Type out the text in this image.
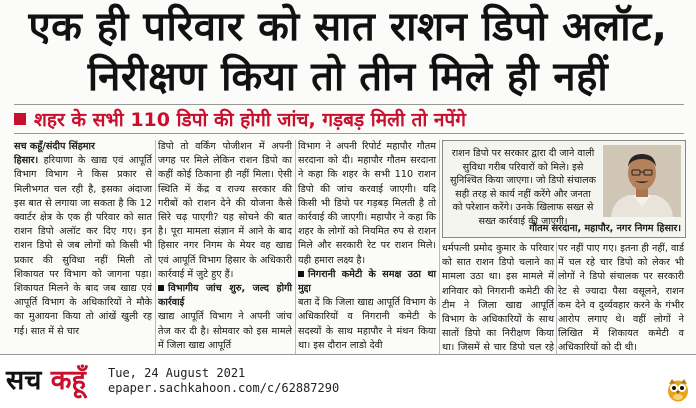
एक ही परिवार को सात राशन डिपो अलॉट,
निरीक्षण किया तो तीन मिले ही नहीं
शहर के सभी 110 डिपो की होगी जांच, गड़बड़ मिली तो नपेंगे

सच कहूँ/संदीप सिंहमार

हिसार। हरियाणा के खाद्य एवं आपूर्ति विभाग विभाग ने किस प्रकार से मिलीभगत चल रही है, इसका अंदाजा इस बात से लगाया जा सकता है कि 12 क्वार्टर क्षेत्र के एक ही परिवार को सात राशन डिपो अलॉट कर दिए गए। इन राशन डिपो से जब लोगों को किसी भी प्रकार की सुविधा नहीं मिली तो शिकायत पर विभाग को जागना पड़ा। शिकायत मिलने के बाद जब खाद्य एवं आपूर्ति विभाग के अधिकारियों ने मौके का मुआयना किया तो आंखें खुली रह गई। सात में से चार

डिपो तो वर्किंग पोजीशन में अपनी जगह पर मिले लेकिन राशन डिपो का कहीं कोई ठिकाना ही नहीं मिला। ऐसी स्थिति में केंद्र व राज्य सरकार की गरीबों को राशन देने की योजना कैसे सिरे चढ़ पाएगी? यह सोचने की बात है। पूरा मामला संज्ञान में आने के बाद हिसार नगर निगम के मेयर वह खाद्य एवं आपूर्ति विभाग हिसार के अधिकारी कार्रवाई में जुटे हुए हैं।

विभागीय जांच शुरु, जल्द होगी कार्रवाई

खाद्य आपूर्ति विभाग ने अपनी जांच तेज कर दी है। सोमवार को इस मामले में जिला खाद्य आपूर्ति

विभाग ने अपनी रिपोर्ट महापौर गौतम सरदाना को दी। महापौर गौतम सरदाना ने कहा कि शहर के सभी 110 राशन डिपो की जांच करवाई जाएगी। यदि किसी भी डिपो पर गड़बड़ मिलती है तो कार्रवाई की जाएगी। महापौर ने कहा कि शहर के लोगों को नियमित रुप से राशन मिले और सरकारी रेट पर राशन मिले। यही हमारा लक्ष्य है।

निगरानी कमेटी के समक्ष उठा था मुद्दा

बता दें कि जिला खाद्य आपूर्ति विभाग के अधिकारियों व निगरानी कमेटी के सदस्यों के साथ महापौर ने मंथन किया था। इस दौरान लाडो देवी

राशन डिपो पर सरकार द्वारा दी जाने वाली सुविधा गरीब परिवारों को मिले। इसे सुनिश्चित किया जाएगा। जो डिपो संचालक सही तरह से कार्य नहीं करेंगे और जनता को परेशान करेंगे। उनके खिलाफ सख्त से सख्त कार्रवाई की जाएगी।
गौतम सरदाना, महापौर, नगर निगम हिसार।

धर्मपत्नी प्रमोद कुमार के परिवार को सात राशन डिपो चलाने का मामला उठा था। इस मामले में शनिवार को निगरानी कमेटी की टीम ने जिला खाद्य आपूर्ति विभाग के अधिकारियों के साथ सातों डिपो का निरीक्षण किया था। जिसमें से चार डिपो चल रहे

पर नहीं पाए गए। इतना ही नहीं, वार्ड में चल रहे चार डिपो को लेकर भी लोगों ने डिपो संचालक पर सरकारी रेट से ज्यादा पैसा वसूलने, राशन कम देने व दुर्व्यवहार करने के गंभीर आरोप लगाए थे। वहीं लोगों ने लिखित में शिकायत कमेटी व अधिकारियों को दी थी।

सच कहूँ Tue, 24 August 2021
epaper.sachkahoon.com/c/62887290
